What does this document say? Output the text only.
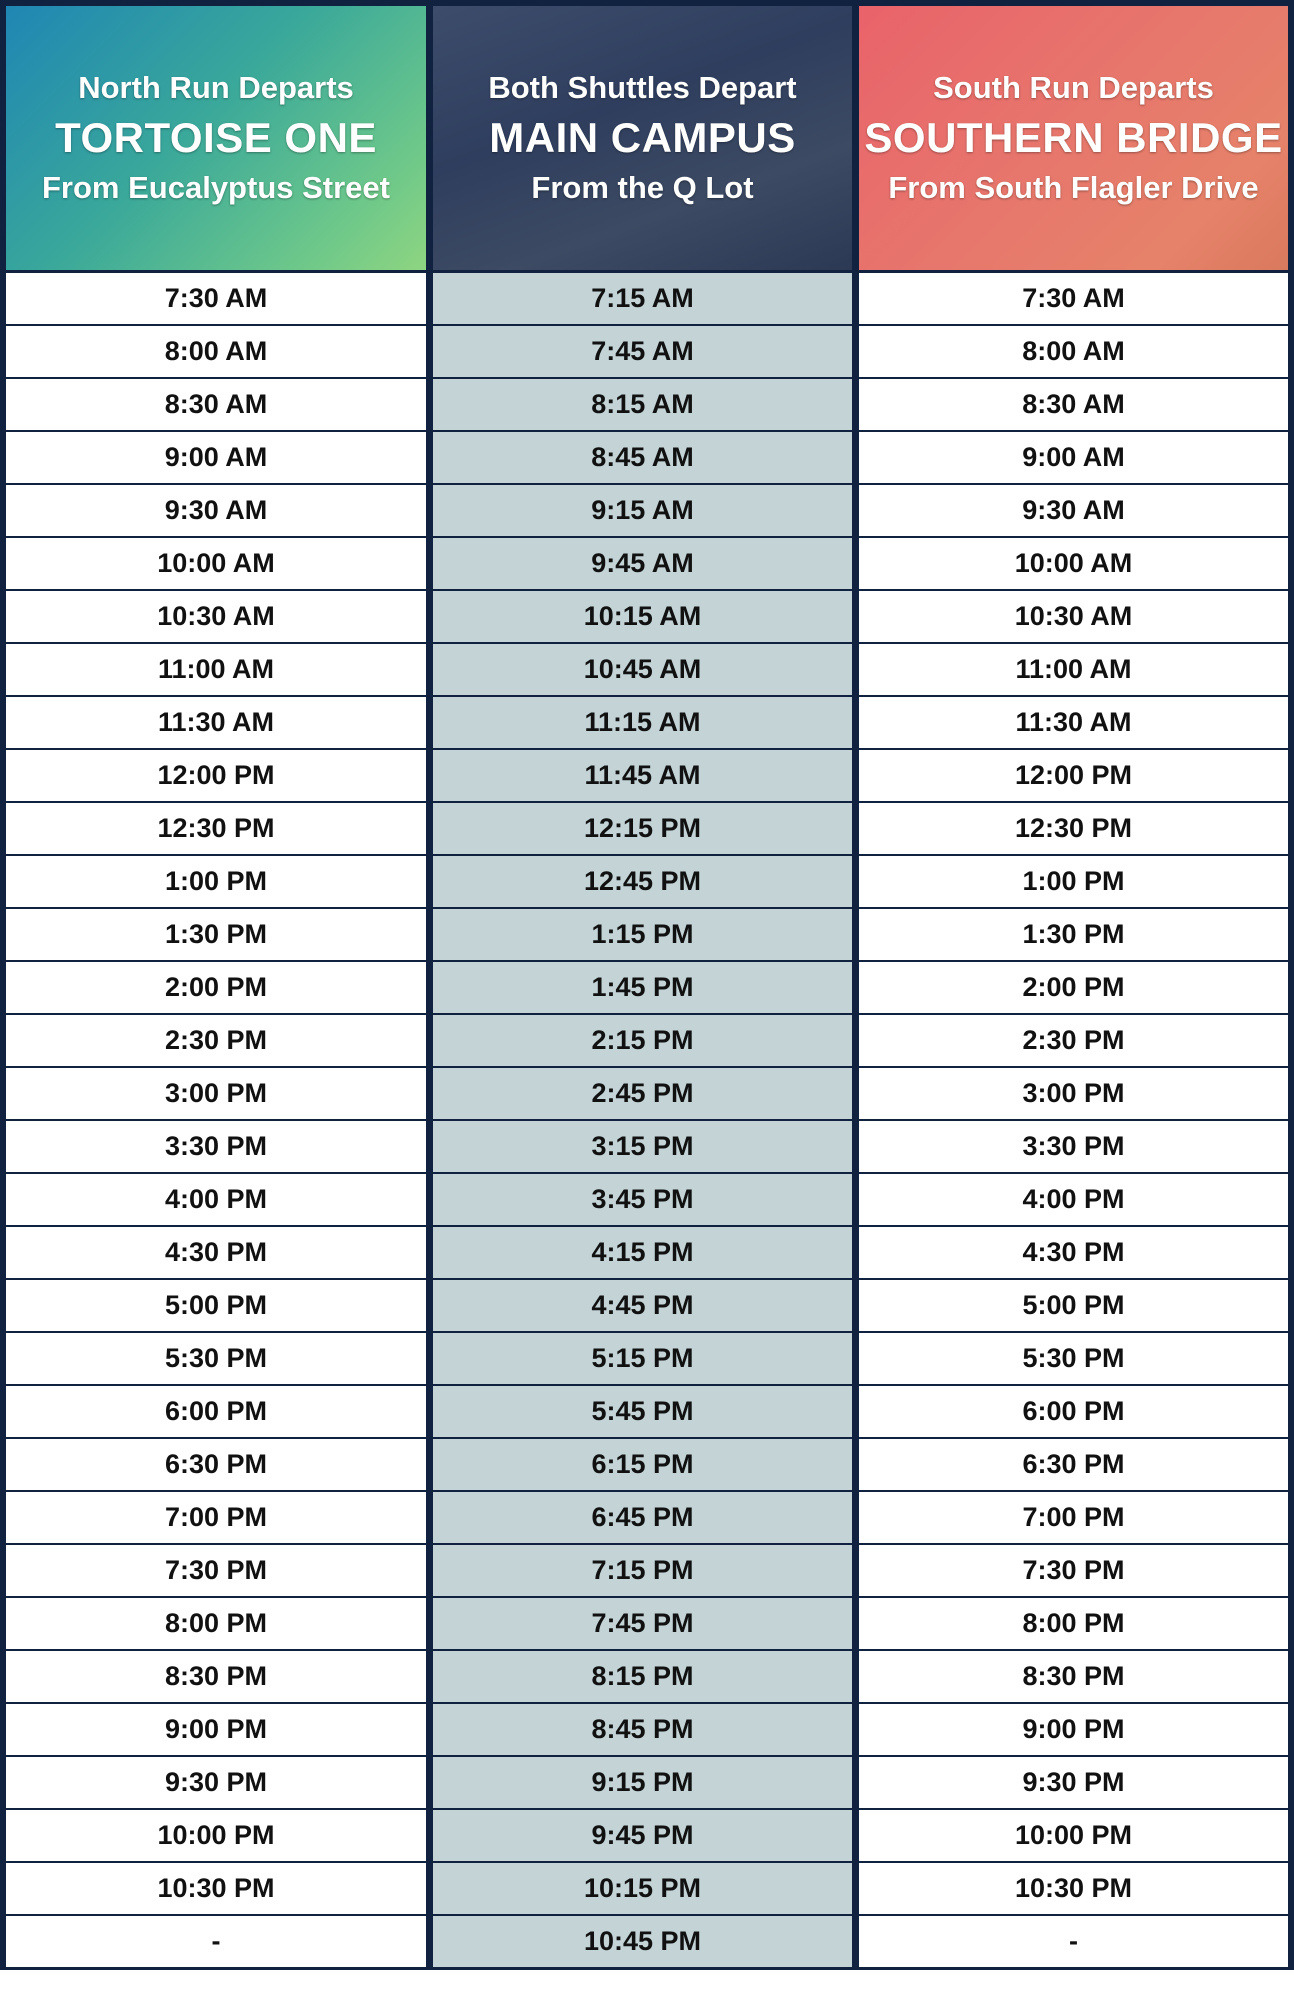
North Run Departs
TORTOISE ONE
From Eucalyptus Street
7:30 AM
8:00 AM
8:30 AM
9:00 AM
9:30 AM
10:00 AM
10:30 AM
11:00 AM
11:30 AM
12:00 PM
12:30 PM
1:00 PM
1:30 PM
2:00 PM
2:30 PM
3:00 PM
3:30 PM
4:00 PM
4:30 PM
5:00 PM
5:30 PM
6:00 PM
6:30 PM
7:00 PM
7:30 PM
8:00 PM
8:30 PM
9:00 PM
9:30 PM
10:00 PM
10:30 PM
-
Both Shuttles Depart
MAIN CAMPUS
From the Q Lot
7:15 AM
7:45 AM
8:15 AM
8:45 AM
9:15 AM
9:45 AM
10:15 AM
10:45 AM
11:15 AM
11:45 AM
12:15 PM
12:45 PM
1:15 PM
1:45 PM
2:15 PM
2:45 PM
3:15 PM
3:45 PM
4:15 PM
4:45 PM
5:15 PM
5:45 PM
6:15 PM
6:45 PM
7:15 PM
7:45 PM
8:15 PM
8:45 PM
9:15 PM
9:45 PM
10:15 PM
10:45 PM
South Run Departs
SOUTHERN BRIDGE
From South Flagler Drive
7:30 AM
8:00 AM
8:30 AM
9:00 AM
9:30 AM
10:00 AM
10:30 AM
11:00 AM
11:30 AM
12:00 PM
12:30 PM
1:00 PM
1:30 PM
2:00 PM
2:30 PM
3:00 PM
3:30 PM
4:00 PM
4:30 PM
5:00 PM
5:30 PM
6:00 PM
6:30 PM
7:00 PM
7:30 PM
8:00 PM
8:30 PM
9:00 PM
9:30 PM
10:00 PM
10:30 PM
-
